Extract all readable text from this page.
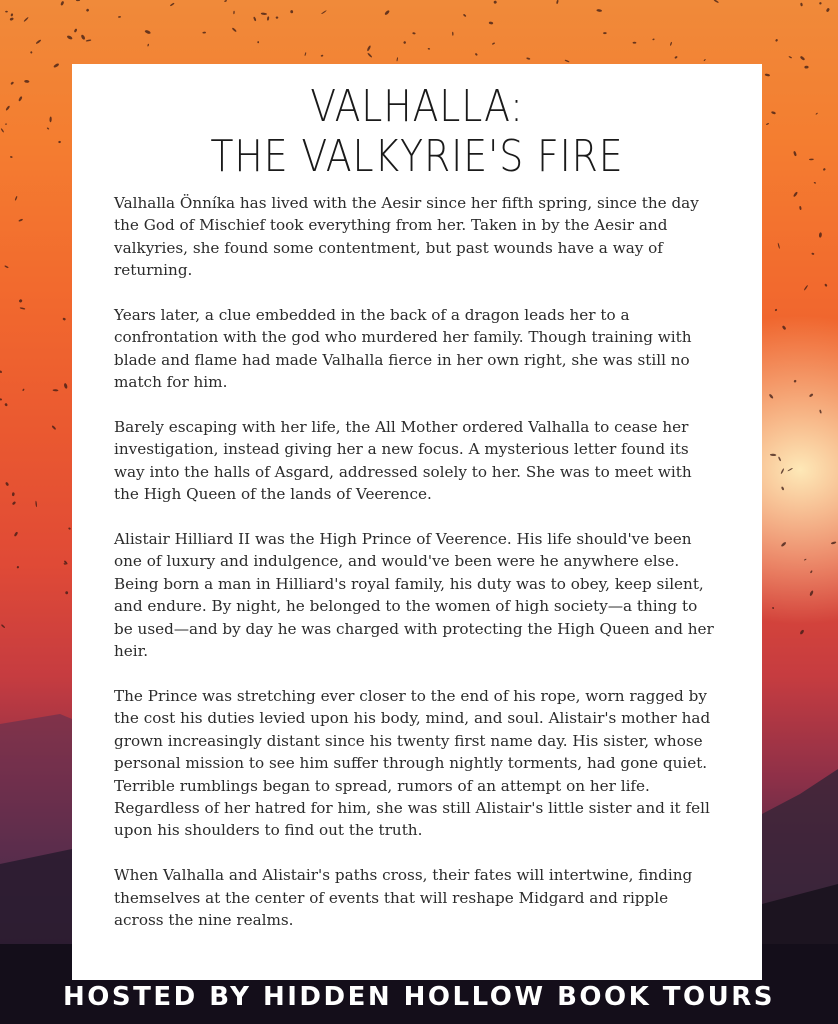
VALHALLA:
THE VALKYRIE'S FIRE

Valhalla Önníka has lived with the Aesir since her fifth spring, since the day the God of Mischief took everything from her. Taken in by the Aesir and valkyries, she found some contentment, but past wounds have a way of returning.

Years later, a clue embedded in the back of a dragon leads her to a confrontation with the god who murdered her family. Though training with blade and flame had made Valhalla fierce in her own right, she was still no match for him.

Barely escaping with her life, the All Mother ordered Valhalla to cease her investigation, instead giving her a new focus. A mysterious letter found its way into the halls of Asgard, addressed solely to her. She was to meet with the High Queen of the lands of Veerence.

Alistair Hilliard II was the High Prince of Veerence. His life should've been one of luxury and indulgence, and would've been were he anywhere else. Being born a man in Hilliard's royal family, his duty was to obey, keep silent, and endure. By night, he belonged to the women of high society—a thing to be used—and by day he was charged with protecting the High Queen and her heir.

The Prince was stretching ever closer to the end of his rope, worn ragged by the cost his duties levied upon his body, mind, and soul. Alistair's mother had grown increasingly distant since his twenty first name day. His sister, whose personal mission to see him suffer through nightly torments, had gone quiet. Terrible rumblings began to spread, rumors of an attempt on her life. Regardless of her hatred for him, she was still Alistair's little sister and it fell upon his shoulders to find out the truth.

When Valhalla and Alistair's paths cross, their fates will intertwine, finding themselves at the center of events that will reshape Midgard and ripple across the nine realms.

HOSTED BY HIDDEN HOLLOW BOOK TOURS
